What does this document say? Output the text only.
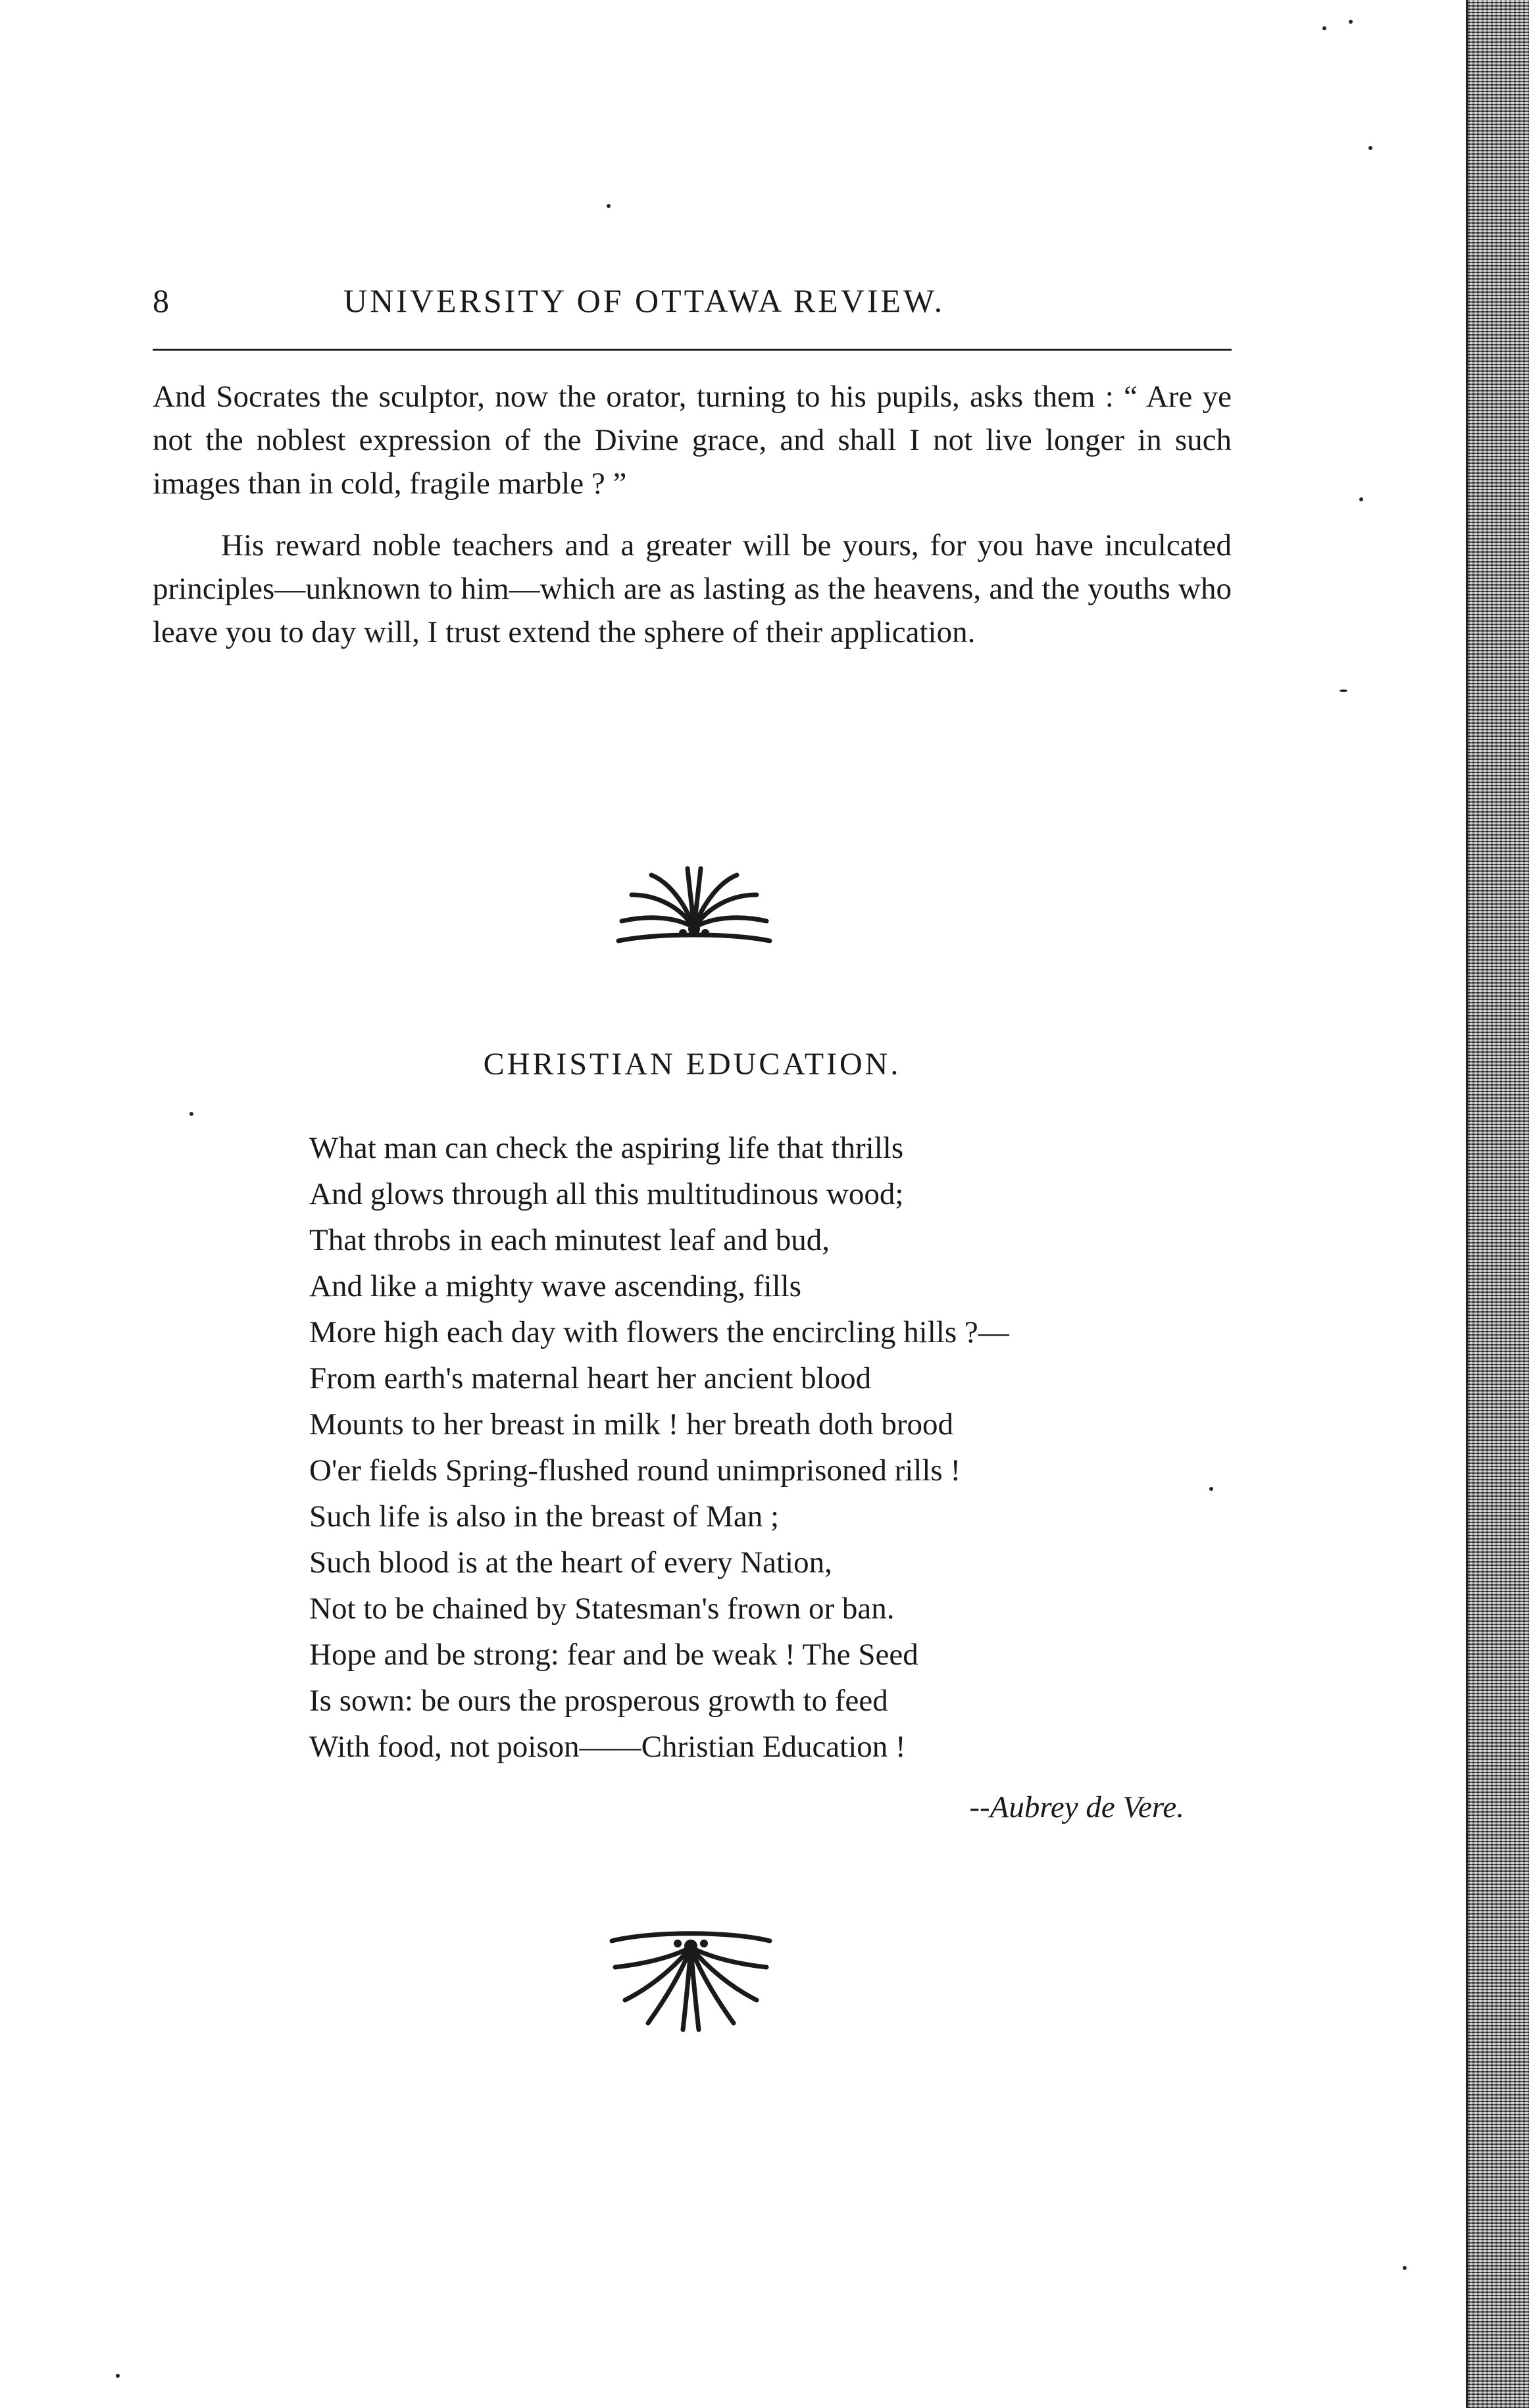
8	UNIVERSITY OF OTTAWA REVIEW.

And Socrates the sculptor, now the orator, turning to his pupils, asks them : “ Are ye not the noblest expression of the Divine grace, and shall I not live longer in such images than in cold, fragile marble ? ”

His reward noble teachers and a greater will be yours, for you have inculcated principles—unknown to him—which are as lasting as the heavens, and the youths who leave you to day will, I trust extend the sphere of their application.

CHRISTIAN EDUCATION.
What man can check the aspiring life that thrills
And glows through all this multitudinous wood;
That throbs in each minutest leaf and bud,
And like a mighty wave ascending, fills
More high each day with flowers the encircling hills ?—
From earth's maternal heart her ancient blood
Mounts to her breast in milk ! her breath doth brood
O'er fields Spring-flushed round unimprisoned rills !
Such life is also in the breast of Man ;
Such blood is at the heart of every Nation,
Not to be chained by Statesman's frown or ban.
Hope and be strong: fear and be weak ! The Seed
Is sown: be ours the prosperous growth to feed
With food, not poison——Christian Education !
--Aubrey de Vere.
